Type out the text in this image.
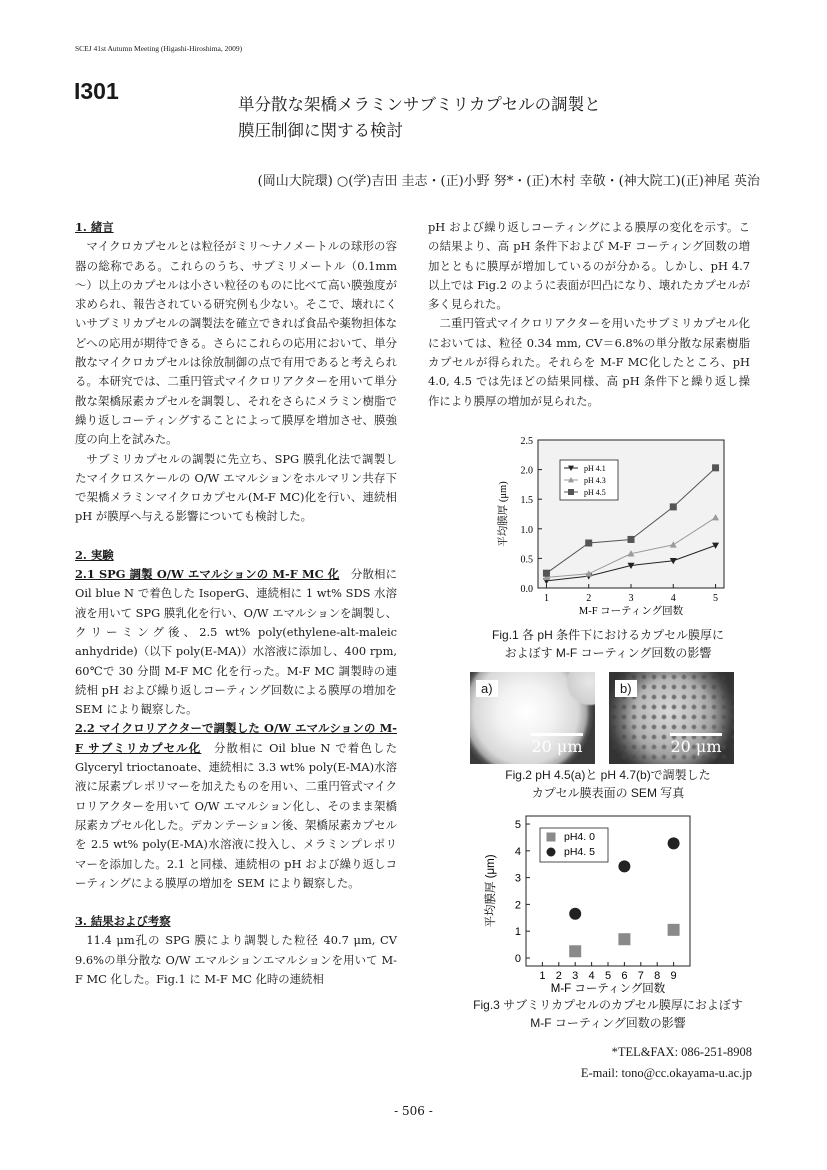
SCEJ 41st Autumn Meeting (Higashi-Hiroshima, 2009)
I301
単分散な架橋メラミンサブミリカプセルの調製と
膜圧制御に関する検討
(岡山大院環) ○(学)吉田 圭志・(正)小野 努*・(正)木村 幸敬・(神大院工)(正)神尾 英治

1. 緒言

マイクロカプセルとは粒径がミリ～ナノメートルの球形の容器の総称である。これらのうち、サブミリメートル（0.1mm～）以上のカプセルは小さい粒径のものに比べて高い膜強度が求められ、報告されている研究例も少ない。そこで、壊れにくいサブミリカプセルの調製法を確立できれば食品や薬物担体などへの応用が期待できる。さらにこれらの応用において、単分散なマイクロカプセルは徐放制御の点で有用であると考えられる。本研究では、二重円管式マイクロリアクターを用いて単分散な架橋尿素カプセルを調製し、それをさらにメラミン樹脂で繰り返しコーティングすることによって膜厚を増加させ、膜強度の向上を試みた。

サブミリカプセルの調製に先立ち、SPG 膜乳化法で調製したマイクロスケールの O/W エマルションをホルマリン共存下で架橋メラミンマイクロカプセル(M-F MC)化を行い、連続相 pH が膜厚へ与える影響についても検討した。

2. 実験

2.1 SPG 調製 O/W エマルションの M-F MC 化　 分散相に Oil blue N で着色した IsoperG、連続相に 1 wt% SDS 水溶液を用いて SPG 膜乳化を行い、O/W エマルションを調製し、クリーミング後、2.5 wt% poly(ethylene-alt-maleic anhydride)（以下 poly(E-MA)）水溶液に添加し、400 rpm, 60℃で 30 分間 M-F MC 化を行った。M-F MC 調製時の連続相 pH および繰り返しコーティング回数による膜厚の増加を SEM により観察した。

2.2 マイクロリアクターで調製した O/W エマルションの M-F サブミリカプセル化　 分散相に Oil blue N で着色した Glyceryl trioctanoate、連続相に 3.3 wt% poly(E-MA)水溶液に尿素プレポリマーを加えたものを用い、二重円管式マイクロリアクターを用いて O/W エマルション化し、そのまま架橋尿素カプセル化した。デカンテーション後、架橋尿素カプセルを 2.5 wt% poly(E-MA)水溶液に投入し、メラミンプレポリマーを添加した。2.1 と同様、連続相の pH および繰り返しコーティングによる膜厚の増加を SEM により観察した。

3. 結果および考察

11.4 μm孔の SPG 膜により調製した粒径 40.7 μm, CV 9.6%の単分散な O/W エマルションエマルションを用いて M-F MC 化した。Fig.1 に M-F MC 化時の連続相

pH および繰り返しコーティングによる膜厚の変化を示す。この結果より、高 pH 条件下および M-F コーティング回数の増加とともに膜厚が増加しているのが分かる。しかし、pH 4.7 以上では Fig.2 のように表面が凹凸になり、壊れたカプセルが多く見られた。

二重円管式マイクロリアクターを用いたサブミリカプセル化においては、粒径 0.34 mm, CV＝6.8%の単分散な尿素樹脂カプセルが得られた。それらを M-F MC化したところ、pH 4.0, 4.5 では先ほどの結果同様、高 pH 条件下と繰り返し操作により膜厚の増加が見られた。

1	2	3	4	5
0.0
0.5
1.0
1.5
2.0
2.5
M-F コーティング回数
平均膜厚 (μm)
pH 4.1
pH 4.3
pH 4.5
Fig.1 各 pH 条件下におけるカプセル膜厚に
およぼす M-F コーティング回数の影響
a)
20 μm
b)
20 μm
Fig.2 pH 4.5(a)と pH 4.7(b)で調製した
カプセル膜表面の SEM 写真
1 2 3 4 5 6 7 8 9
0
1
2
3
4
5
M-F コーティング回数
平均膜厚 (μm)
pH4. 0
pH4. 5
Fig.3 サブミリカプセルのカプセル膜厚におよぼす
M-F コーティング回数の影響
*TEL&FAX: 086-251-8908
E-mail: tono@cc.okayama-u.ac.jp
- 506 -
